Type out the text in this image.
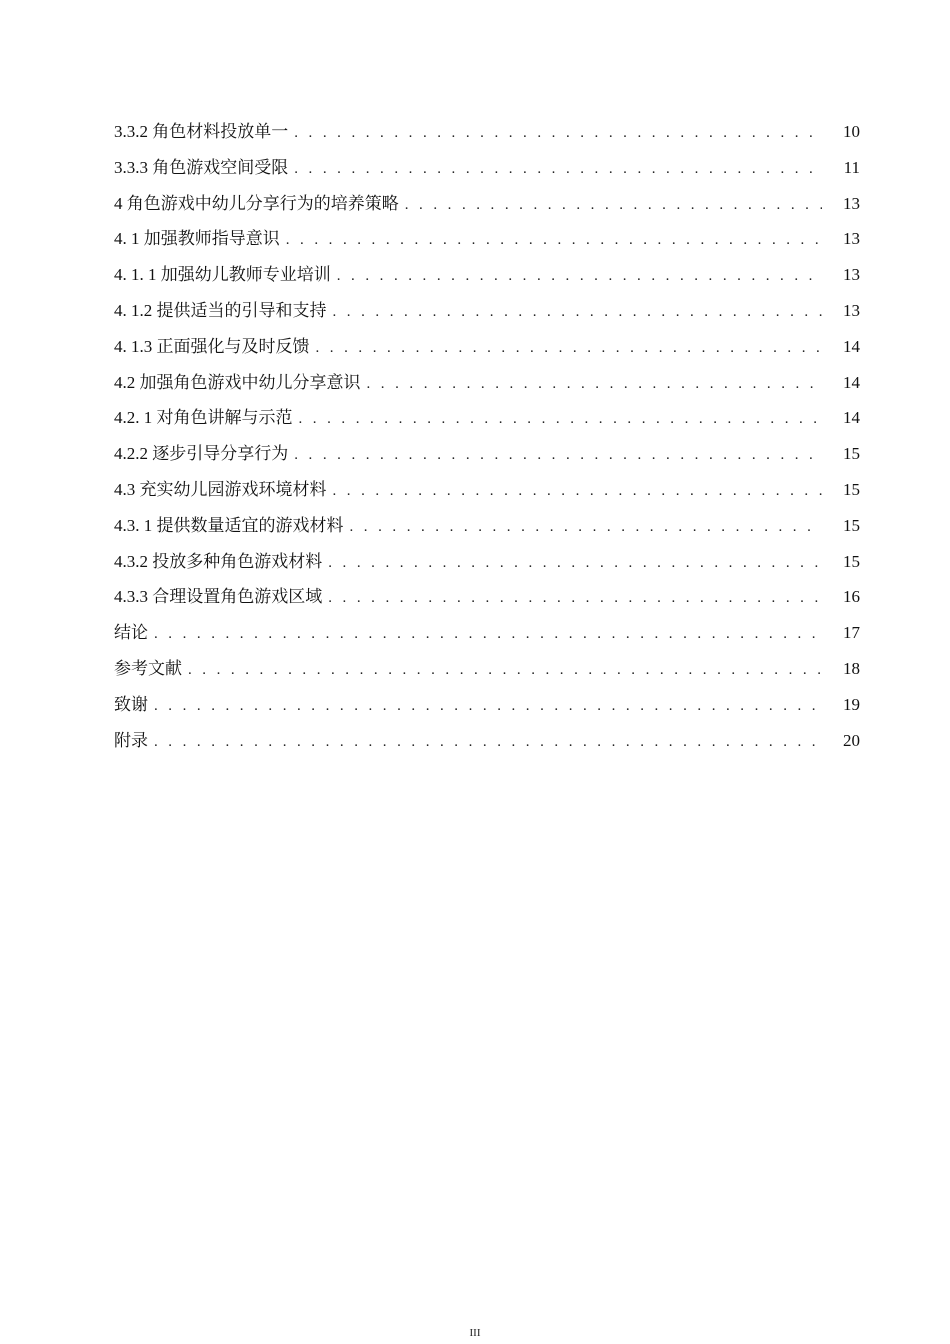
3.3.2 角色材料投放单一 . . .	10
3.3.3 角色游戏空间受限 . . .	11
4 角色游戏中幼儿分享行为的培养策略 . . .	13
4. 1 加强教师指导意识 . . .	13
4. 1. 1 加强幼儿教师专业培训 . . .	13
4. 1.2 提供适当的引导和支持 . . .	13
4. 1.3 正面强化与及时反馈 . . .	14
4.2 加强角色游戏中幼儿分享意识 . . .	14
4.2. 1 对角色讲解与示范 . . .	14
4.2.2 逐步引导分享行为 . . .	15
4.3 充实幼儿园游戏环境材料 . . .	15
4.3. 1 提供数量适宜的游戏材料 . . .	15
4.3.2 投放多种角色游戏材料 . . .	15
4.3.3 合理设置角色游戏区域 . . .	16
结论 . . .	17
参考文献 . . .	18
致谢 . . .	19
附录 . . .	20
III
